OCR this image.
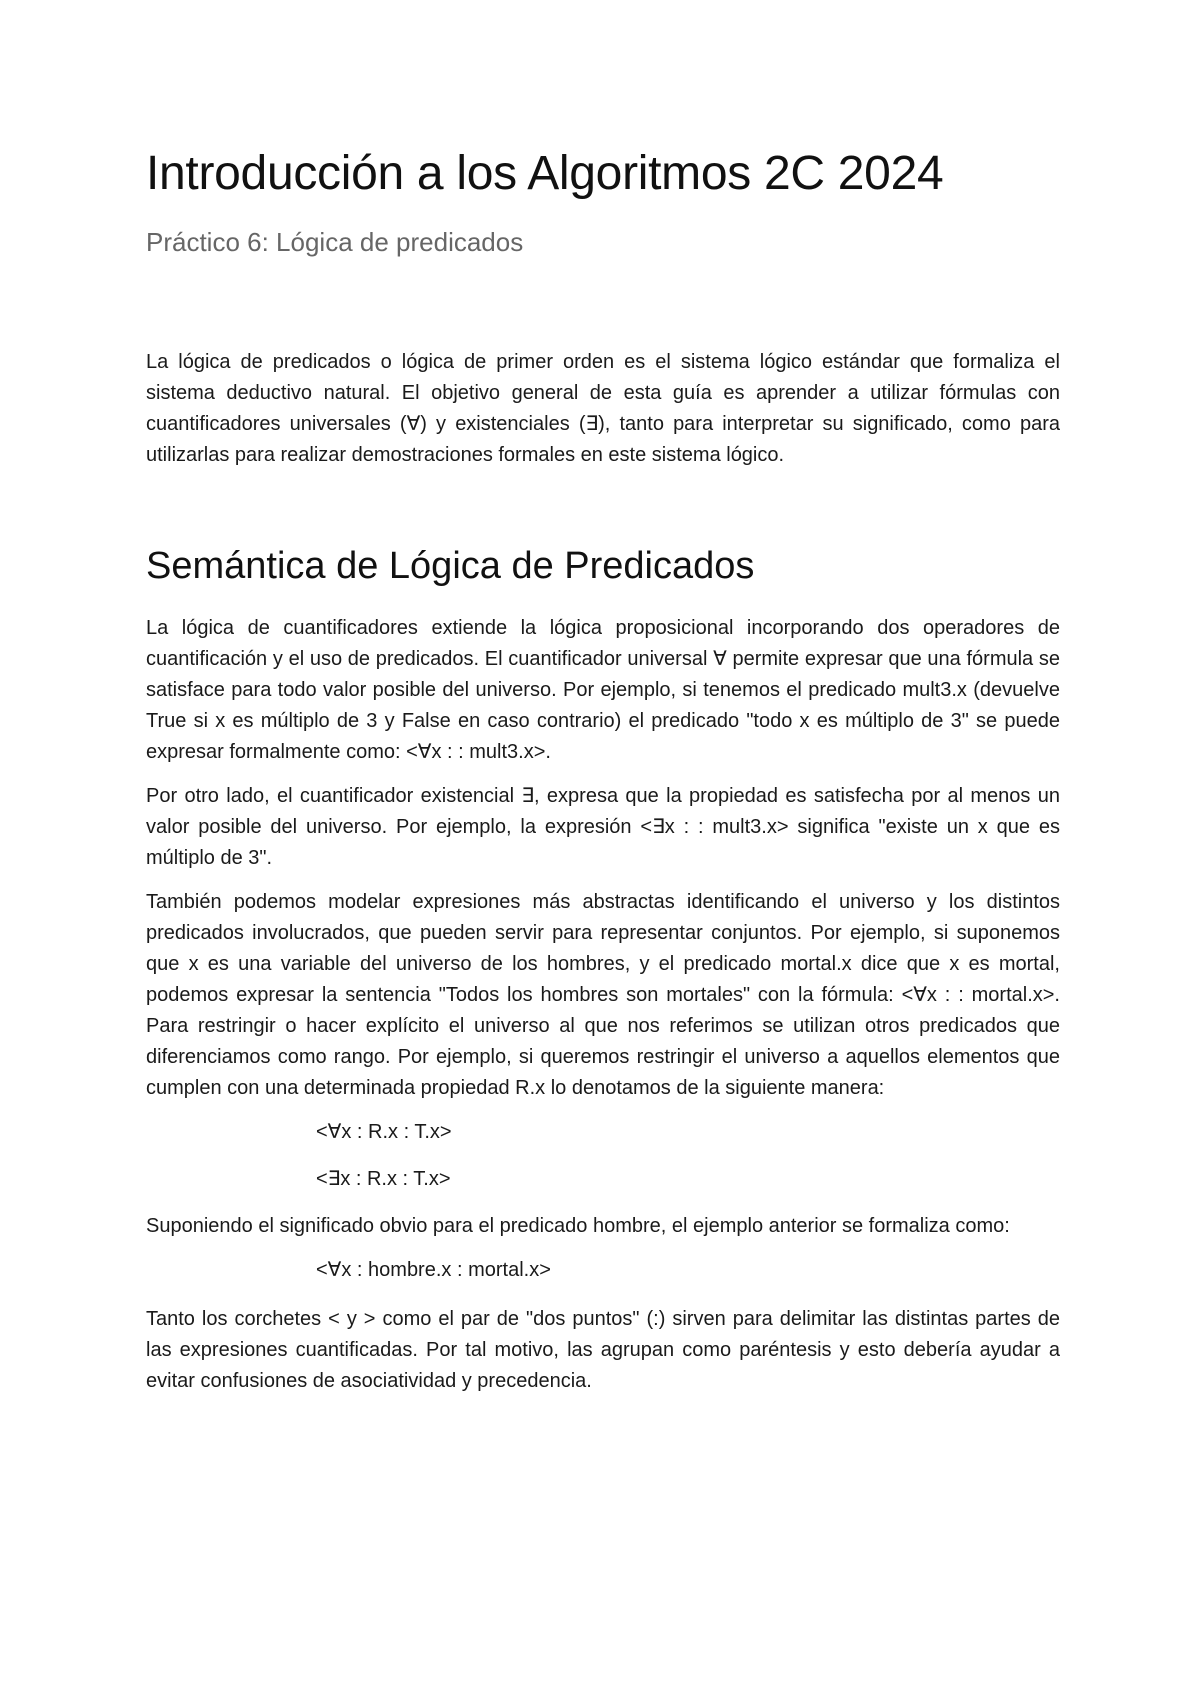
Introducción a los Algoritmos 2C 2024
Práctico 6: Lógica de predicados

La lógica de predicados o lógica de primer orden es el sistema lógico estándar que formaliza el sistema deductivo natural. El objetivo general de esta guía es aprender a utilizar fórmulas con cuantificadores universales (∀) y existenciales (∃), tanto para interpretar su significado, como para utilizarlas para realizar demostraciones formales en este sistema lógico.

Semántica de Lógica de Predicados

La lógica de cuantificadores extiende la lógica proposicional incorporando dos operadores de cuantificación y el uso de predicados. El cuantificador universal ∀ permite expresar que una fórmula se satisface para todo valor posible del universo. Por ejemplo, si tenemos el predicado mult3.x (devuelve True si x es múltiplo de 3 y False en caso contrario) el predicado "todo x es múltiplo de 3" se puede expresar formalmente como: <∀x : : mult3.x>.

Por otro lado, el cuantificador existencial ∃, expresa que la propiedad es satisfecha por al menos un valor posible del universo. Por ejemplo, la expresión <∃x : : mult3.x> significa "existe un x que es múltiplo de 3".

También podemos modelar expresiones más abstractas identificando el universo y los distintos predicados involucrados, que pueden servir para representar conjuntos. Por ejemplo, si suponemos que x es una variable del universo de los hombres, y el predicado mortal.x dice que x es mortal, podemos expresar la sentencia "Todos los hombres son mortales" con la fórmula: <∀x : : mortal.x>. Para restringir o hacer explícito el universo al que nos referimos se utilizan otros predicados que diferenciamos como rango. Por ejemplo, si queremos restringir el universo a aquellos elementos que cumplen con una determinada propiedad R.x lo denotamos de la siguiente manera:

<∀x : R.x : T.x>

<∃x : R.x : T.x>

Suponiendo el significado obvio para el predicado hombre, el ejemplo anterior se formaliza como:

<∀x : hombre.x : mortal.x>

Tanto los corchetes < y > como el par de "dos puntos" (:) sirven para delimitar las distintas partes de las expresiones cuantificadas. Por tal motivo, las agrupan como paréntesis y esto debería ayudar a evitar confusiones de asociatividad y precedencia.
